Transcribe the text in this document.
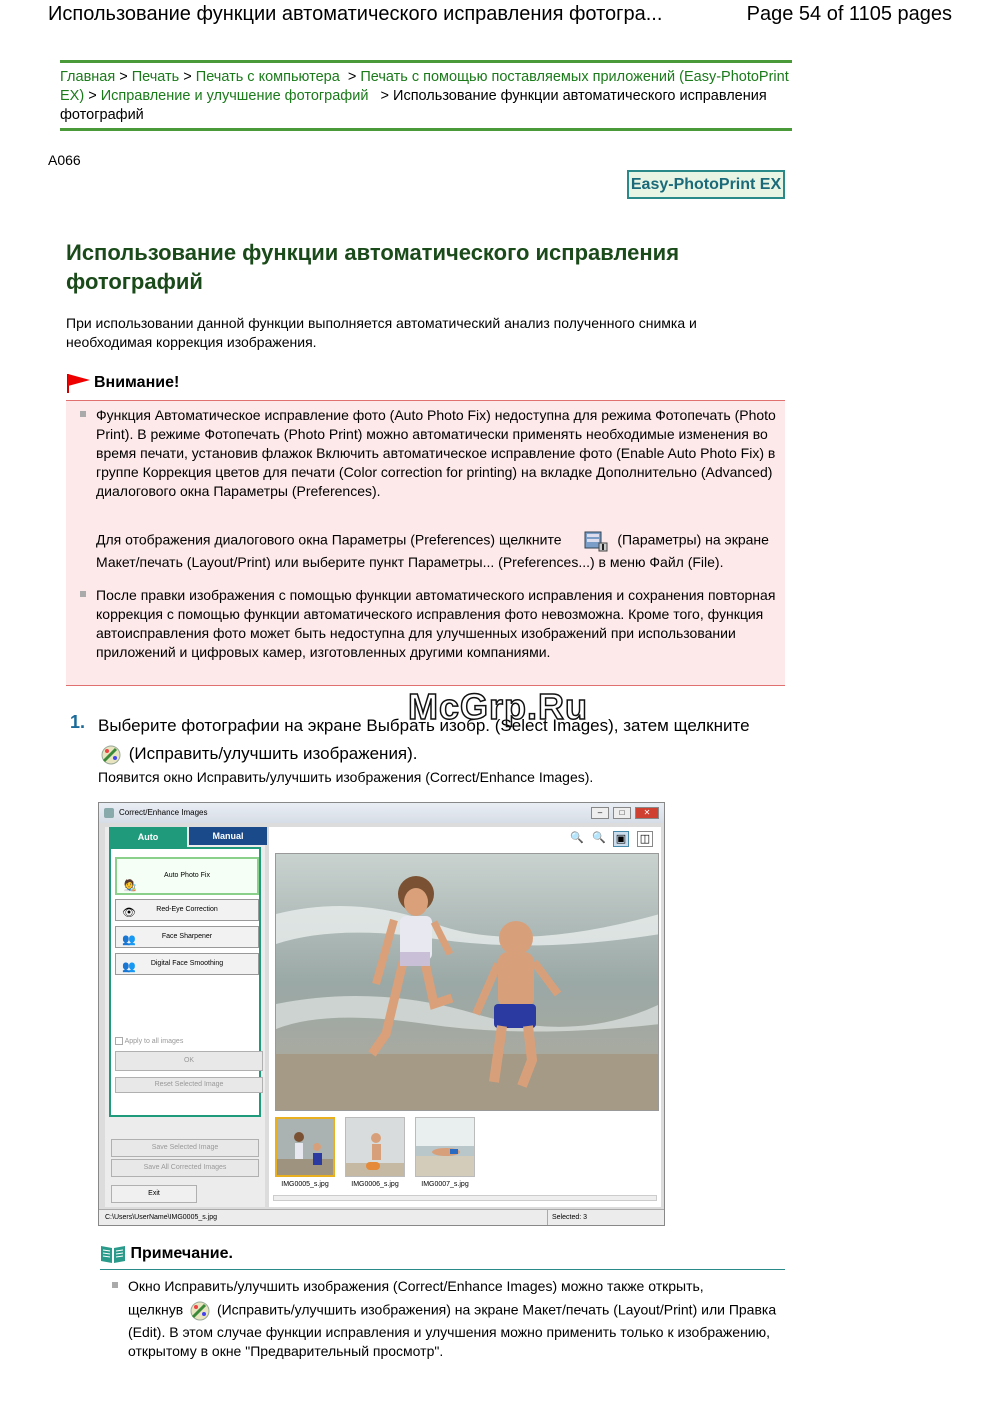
Использование функции автоматического исправления фотогра...	Page 54 of 1105 pages
Главная > Печать > Печать с компьютера > Печать с помощью поставляемых приложений (Easy-PhotoPrint EX) > Исправление и улучшение фотографий > Использование функции автоматического исправления фотографий
A066
Easy-PhotoPrint EX
Использование функции автоматического исправления фотографий
При использовании данной функции выполняется автоматический анализ полученного снимка и необходимая коррекция изображения.
Внимание!
Функция Автоматическое исправление фото (Auto Photo Fix) недоступна для режима Фотопечать (Photo Print). В режиме Фотопечать (Photo Print) можно автоматически применять необходимые изменения во время печати, установив флажок Включить автоматическое исправление фото (Enable Auto Photo Fix) в группе Коррекция цветов для печати (Color correction for printing) на вкладке Дополнительно (Advanced) диалогового окна Параметры (Preferences).
Для отображения диалогового окна Параметры (Preferences) щелкните	(Параметры) на экране Макет/печать (Layout/Print) или выберите пункт Параметры... (Preferences...) в меню Файл (File).
После правки изображения с помощью функции автоматического исправления и сохранения повторная коррекция с помощью функции автоматического исправления фото невозможна. Кроме того, функция автоисправления фото может быть недоступна для улучшенных изображений при использовании приложений и цифровых камер, изготовленных другими компаниями.
1. Выберите фотографии на экране Выбрать изобр. (Select Images), затем щелкните  (Исправить/улучшить изображения).
McGrp.Ru
Появится окно Исправить/улучшить изображения (Correct/Enhance Images).
Correct/Enhance Images	–	□	✕
Auto	Manual
🧑‍🎨
Auto Photo Fix
👁	Red-Eye Correction
👥	Face Sharpener
👥 Digital Face Smoothing
Apply to all images
OK
Reset Selected Image
Save Selected Image
Save All Corrected Images
Exit
🔍 🔍 ▣ ◫
IMG0005_s.jpg	IMG0006_s.jpg	IMG0007_s.jpg
C:\Users\UserName\IMG0005_s.jpg	Selected: 3
Примечание.
Окно Исправить/улучшить изображения (Correct/Enhance Images) можно также открыть,
щелкнув (Исправить/улучшить изображения) на экране Макет/печать (Layout/Print) или Правка (Edit). В этом случае функции исправления и улучшения можно применить только к изображению, открытому в окне "Предварительный просмотр".
